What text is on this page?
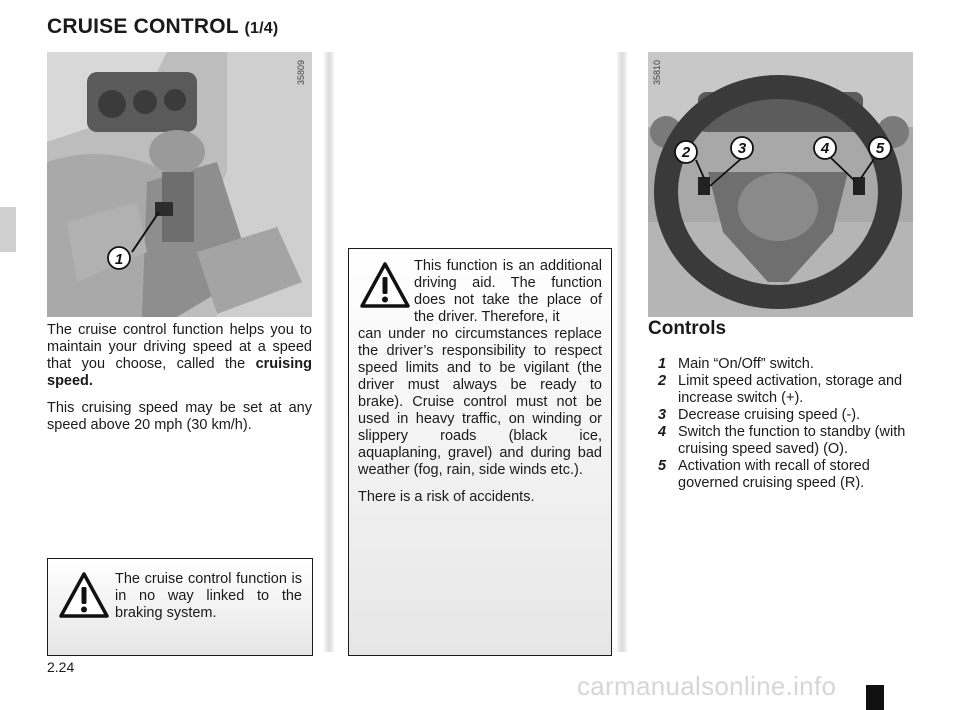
CRUISE CONTROL (1/4)
1
35809
2	3	4	5
35810

The cruise control function helps you to maintain your driving speed at a speed that you choose, called the cruising speed.

This cruising speed may be set at any speed above 20 mph (30 km/h).

The cruise control function is in no way linked to the braking system.
This function is an additional driving aid. The function does not take the place of the driver. Therefore, it

can under no circumstances replace the driver’s responsibility to respect speed limits and to be vigilant (the driver must always be ready to brake). Cruise control must not be used in heavy traffic, on winding or slippery roads (black ice, aquaplaning, gravel) and during bad weather (fog, rain, side winds etc.).

There is a risk of accidents.

Controls
1 Main “On/Off” switch.
2 Limit speed activation, storage and increase switch (+).
3 Decrease cruising speed (-).
4 Switch the function to standby (with cruising speed saved) (O).
5 Activation with recall of stored governed cruising speed (R).
2.24
carmanualsonline.info
